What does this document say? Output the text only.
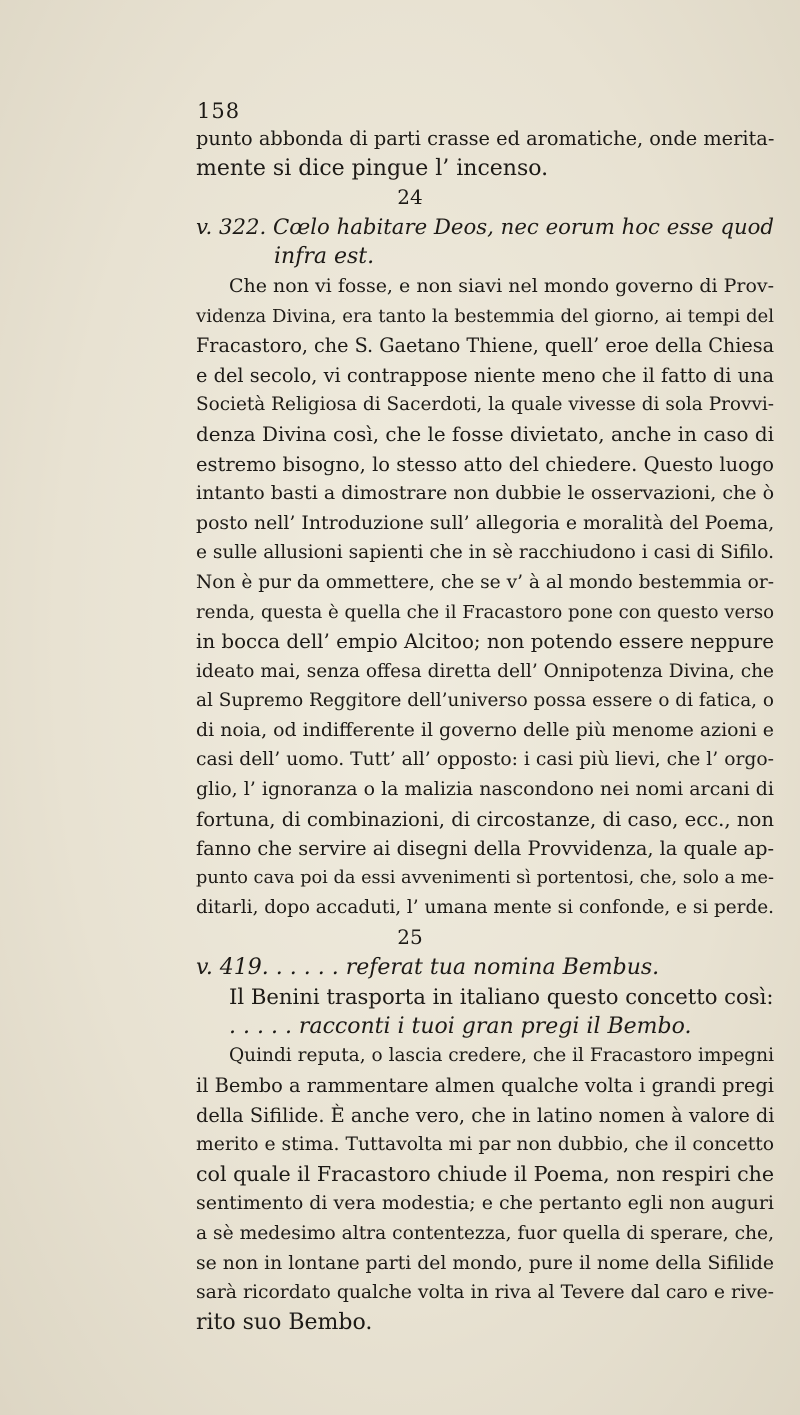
158
punto abbonda di parti crasse ed aromatiche, onde merita-
mente si dice pingue l’ incenso.
24
v. 322. Cœlo habitare Deos, nec eorum hoc esse quod
infra est.
Che non vi fosse, e non siavi nel mondo governo di Prov-
videnza Divina, era tanto la bestemmia del giorno, ai tempi del
Fracastoro, che S. Gaetano Thiene, quell’ eroe della Chiesa
e del secolo, vi contrappose niente meno che il fatto di una
Società Religiosa di Sacerdoti, la quale vivesse di sola Provvi-
denza Divina così, che le fosse divietato, anche in caso di
estremo bisogno, lo stesso atto del chiedere. Questo luogo
intanto basti a dimostrare non dubbie le osservazioni, che ò
posto nell’ Introduzione sull’ allegoria e moralità del Poema,
e sulle allusioni sapienti che in sè racchiudono i casi di Sifilo.
Non è pur da ommettere, che se v’ à al mondo bestemmia or-
renda, questa è quella che il Fracastoro pone con questo verso
in bocca dell’ empio Alcitoo; non potendo essere neppure
ideato mai, senza offesa diretta dell’ Onnipotenza Divina, che
al Supremo Reggitore dell’universo possa essere o di fatica, o
di noia, od indifferente il governo delle più menome azioni e
casi dell’ uomo. Tutt’ all’ opposto: i casi più lievi, che l’ orgo-
glio, l’ ignoranza o la malizia nascondono nei nomi arcani di
fortuna, di combinazioni, di circostanze, di caso, ecc., non
fanno che servire ai disegni della Provvidenza, la quale ap-
punto cava poi da essi avvenimenti sì portentosi, che, solo a me-
ditarli, dopo accaduti, l’ umana mente si confonde, e si perde.
25
v. 419. . . . . . referat tua nomina Bembus.
Il Benini trasporta in italiano questo concetto così:
. . . . . racconti i tuoi gran pregi il Bembo.
Quindi reputa, o lascia credere, che il Fracastoro impegni
il Bembo a rammentare almen qualche volta i grandi pregi
della Sifilide. È anche vero, che in latino nomen à valore di
merito e stima. Tuttavolta mi par non dubbio, che il concetto
col quale il Fracastoro chiude il Poema, non respiri che
sentimento di vera modestia; e che pertanto egli non auguri
a sè medesimo altra contentezza, fuor quella di sperare, che,
se non in lontane parti del mondo, pure il nome della Sifilide
sarà ricordato qualche volta in riva al Tevere dal caro e rive-
rito suo Bembo.
